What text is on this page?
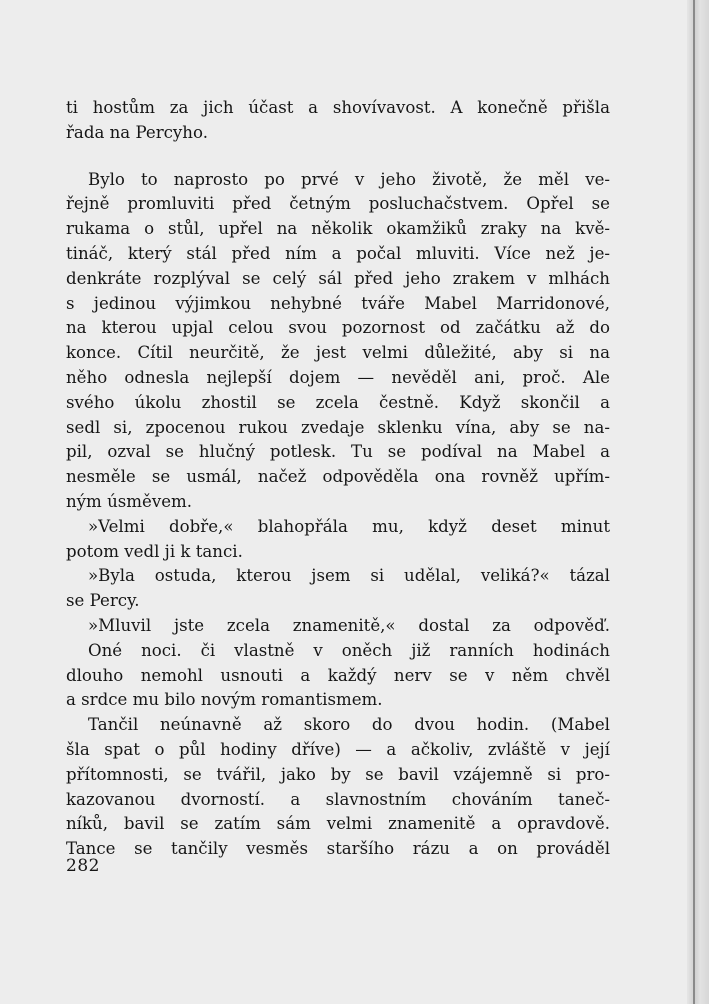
ti hostům za jich účast a shovívavost. A konečně přišla
řada na Percyho.
Bylo to naprosto po prvé v jeho životě, že měl ve-
řejně promluviti před četným posluchačstvem. Opřel se
rukama o stůl, upřel na několik okamžiků zraky na kvě-
tináč, který stál před ním a počal mluviti. Více než je-
denkráte rozplýval se celý sál před jeho zrakem v mlhách
s jedinou výjimkou nehybné tváře Mabel Marridonové,
na kterou upjal celou svou pozornost od začátku až do
konce. Cítil neurčitě, že jest velmi důležité, aby si na
něho odnesla nejlepší dojem — nevěděl ani, proč. Ale
svého úkolu zhostil se zcela čestně. Když skončil a
sedl si, zpocenou rukou zvedaje sklenku vína, aby se na-
pil, ozval se hlučný potlesk. Tu se podíval na Mabel a
nesměle se usmál, načež odpověděla ona rovněž upřím-
ným úsměvem.
»Velmi dobře,« blahopřála mu, když deset minut
potom vedl ji k tanci.
»Byla ostuda, kterou jsem si udělal, veliká?« tázal
se Percy.
»Mluvil jste zcela znamenitě,« dostal za odpověď.
Oné noci. či vlastně v oněch již ranních hodinách
dlouho nemohl usnouti a každý nerv se v něm chvěl
a srdce mu bilo novým romantismem.
Tančil neúnavně až skoro do dvou hodin. (Mabel
šla spat o půl hodiny dříve) — a ačkoliv, zvláště v její
přítomnosti, se tvářil, jako by se bavil vzájemně si pro-
kazovanou dvorností. a slavnostním chováním taneč-
níků, bavil se zatím sám velmi znamenitě a opravdově.
Tance se tančily vesměs staršího rázu a on prováděl
282
